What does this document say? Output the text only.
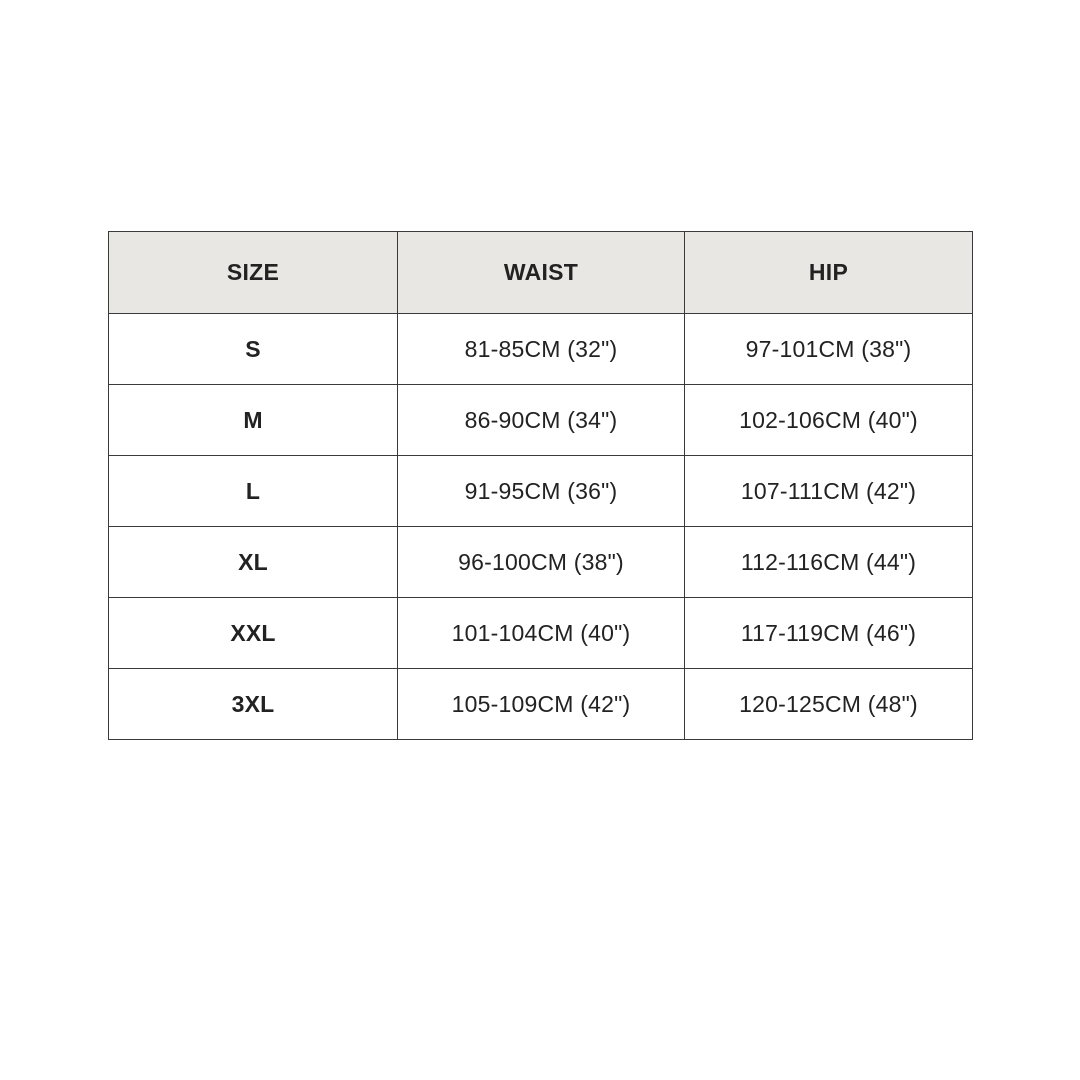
SIZE	WAIST	HIP
S	81-85CM (32")	97-101CM (38")
M	86-90CM (34")	102-106CM (40")
L	91-95CM (36")	107-111CM (42")
XL	96-100CM (38")	112-116CM (44")
XXL	101-104CM (40")	117-119CM (46")
3XL	105-109CM (42")	120-125CM (48")
